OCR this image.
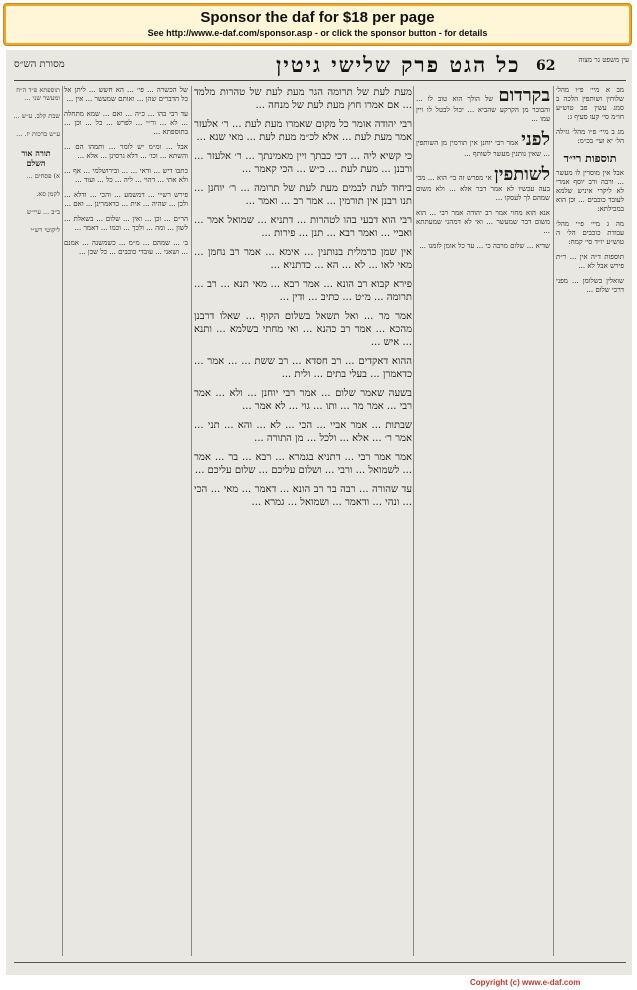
Sponsor the daf for $18 per page
See http://www.e-daf.com/sponsor.asp - or click the sponsor button - for details
מסורת הש״ס	כל הגט פרק שלישי גיטין 62	עין משפט נר מצוה

מב א מיי׳ פ״ו מהל׳ שלוחין ושותפין הלכה ב סמג עשין פב טוש״ע חו״מ סי׳ קעו סעיף ג:

מג ב מיי׳ פ״ו מהל׳ גזילה הל׳ יא ועי׳ בכ״מ:

תוספות רי״ד

אבל אין מוסרין לו מעשר ... ורבה ורב יוסף אמרי לא ליקרי איניש שלמא לעובד כוכבים ... וכן הוא במכילתא:

מה ג מיי׳ פ״י מהל׳ עבודת כוכבים הל׳ ה טוש״ע יו״ד סי׳ קמח:

תוספות ד״ה אין ... ר״ת פירש אבל לא ...

שואלין בשלומן ... מפני דרכי שלום ...

בקרדום של הולך הוא טוב לו ... והבוכר מן הקרקע שהביא ... יכול לבטל לו ויין עמו ...

לפני אמר רבי יוחנן אין תורמין מן השותפין ... שאין נותנין מעשר לשותף ...

לשותפין אי מפרש זה בי׳ הוא ... מכי בעה עכשיו לא אמר דבר אלא ... ולא משום שמהם לך לעסקו ...

אנא הוא מחוי אמר רב יהודה אמר רבי ... הוא משום דבר שמעשר ... ואי לא דמהני שמעתתא ...

שדיא ... שלום מרבה כי ... עד כל אומן לזמנו ...

מעת לעת של תרומה הגר מעת לעת של טהרות מלמד ... אם אמרו חוץ מעת לעת של מנחה ...

רבי יהודה אומר כל מקום שאמרו מעת לעת ... ר׳ אלעזר אמר מעת לעת ... אלא לכ״מ מעת לעת ... מאי שנא ...

כי קשיא ליה ... דכי כבתך ויין מאמינתך ... ר׳ אלעזר ... ורבנן ... מעת לעת ... כ״ש ... הכי קאמר ...

ביחוד לעת לבמים מעת לעת של תרומה ... ר׳ יוחנן ... תנו רבנן אין תורמין ... אמר רב ... ואמר ...

רבי הוא דבעי בהו לטהרות ... דתניא ... שמואל אמר ... ואביי ... ואמר רבא ... תנן ... פירות ...

אין שמן כרמלית בנותנין ... אימא ... אמר רב נחמן ... מאי לאו ... לא ... הא ... כדתניא ...

פירא קבוא רב הונא ... אמר רבא ... מאי תנא ... רב ... תרומה ... מ״ט ... כתיב ... ודין ...

אמר מר ... ואל תשאל בשלום הקוף ... שאלו דרבנן מהכא ... אמר רב כהנא ... ואי מחתי בשלמא ... ותנא ... איש ...

ההוא דאקדים ... רב חסדא ... רב ששת ... ... אמר ... כדאמרן ... בעלי בתים ... ולית ...

בשעה שאמר שלום ... אמר רבי יוחנן ... ולא ... אמר רבי ... אמר מר ... ותו ... גוי ... לא אמר ...

שבתות ... אמר אביי ... הכי ... לא ... והא ... תני ... אמר ר׳ ... אלא ... ולכל ... מן התורה ...

אמר אמר רבי ... דתניא בגמרא ... רבא ... בר ... אמר ... לשמואל ... ורבי ... ושלום עליכם ... שלום עליכם ...

עד שהורה ... רבה בר רב הונא ... דאמר ... מאי ... הכי ... ונהי ... ודאמר ... ושמואל ... גמרא ...

של הכשרה ... פי׳ ... הא חשש ... ליתן אל כל הדברים שהן ... ואותם שמעשר ... אין ...

עד רבי בהו ... כ״ה ... ואם ... שמא מתחלה ... לא ... ור״י ... לפרש ... כל ... וכן ... בתוספתא ...

אבל ... ומ״מ יש לומר ... ותמהו הם ... והשתא ... וכו׳ ... דלא גרסינן ... אלא ...

כתבו דיש ... ודאי ... ... ובירושלמי ... אף ... ולא אתי ... דהוי ... ליה ... כל ... ועוד ...

פירש רש״י ... דמשמע ... והכי ... ודלא ... ולכן ... שהיה ... אית ... כדאמרינן ... ואם ...

הר״ם ... וכן ... ואין ... שלום ... בשאלת ... לשון ... ומה ... ולכך ... וכמו ... דאמר ...

ב׳ ... שמהם ... מ״מ ... כשמשנה ... אמנם ... ושאני ... עובדי כוכבים ... כל שכן ...

תוספתא פ״ד ה״ח ומעשר שני ...

שבת קלב. ע״ש ...

ע״ש ברכות יז. ...

תורה אור השלם

א) פסחים ...

לקמן סא.

ב״ב ... עיי״ש

ליקוטי רש״י

Copyright (c) www.e-daf.com
